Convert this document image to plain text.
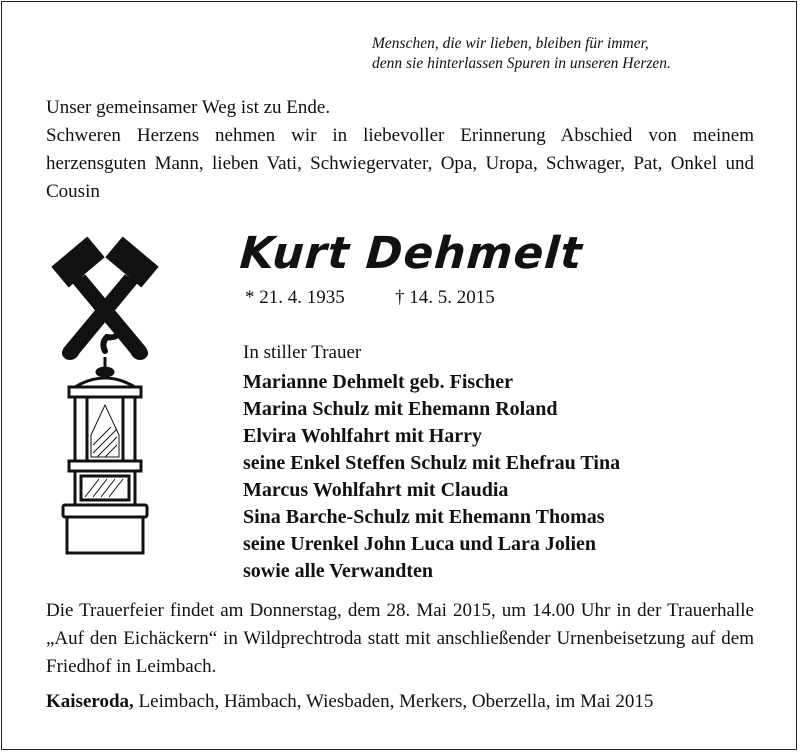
Menschen, die wir lieben, bleiben für immer,
denn sie hinterlassen Spuren in unseren Herzen.

Unser gemeinsamer Weg ist zu Ende.

Schweren Herzens nehmen wir in liebevoller Erinnerung Abschied von meinem herzensguten Mann, lieben Vati, Schwiegervater, Opa, Uropa, Schwager, Pat, Onkel und Cousin

Kurt Dehmelt
* 21. 4. 1935	† 14. 5. 2015
In stiller Trauer
Marianne Dehmelt geb. Fischer
Marina Schulz mit Ehemann Roland
Elvira Wohlfahrt mit Harry
seine Enkel Steffen Schulz mit Ehefrau Tina
Marcus Wohlfahrt mit Claudia
Sina Barche-Schulz mit Ehemann Thomas
seine Urenkel John Luca und Lara Jolien
sowie alle Verwandten
Die Trauerfeier findet am Donnerstag, dem 28. Mai 2015, um 14.00 Uhr in der Trauerhalle „Auf den Eichäckern“ in Wildprechtroda statt mit anschließender Urnenbeisetzung auf dem Friedhof in Leimbach.
Kaiseroda, Leimbach, Hämbach, Wiesbaden, Merkers, Oberzella, im Mai 2015
